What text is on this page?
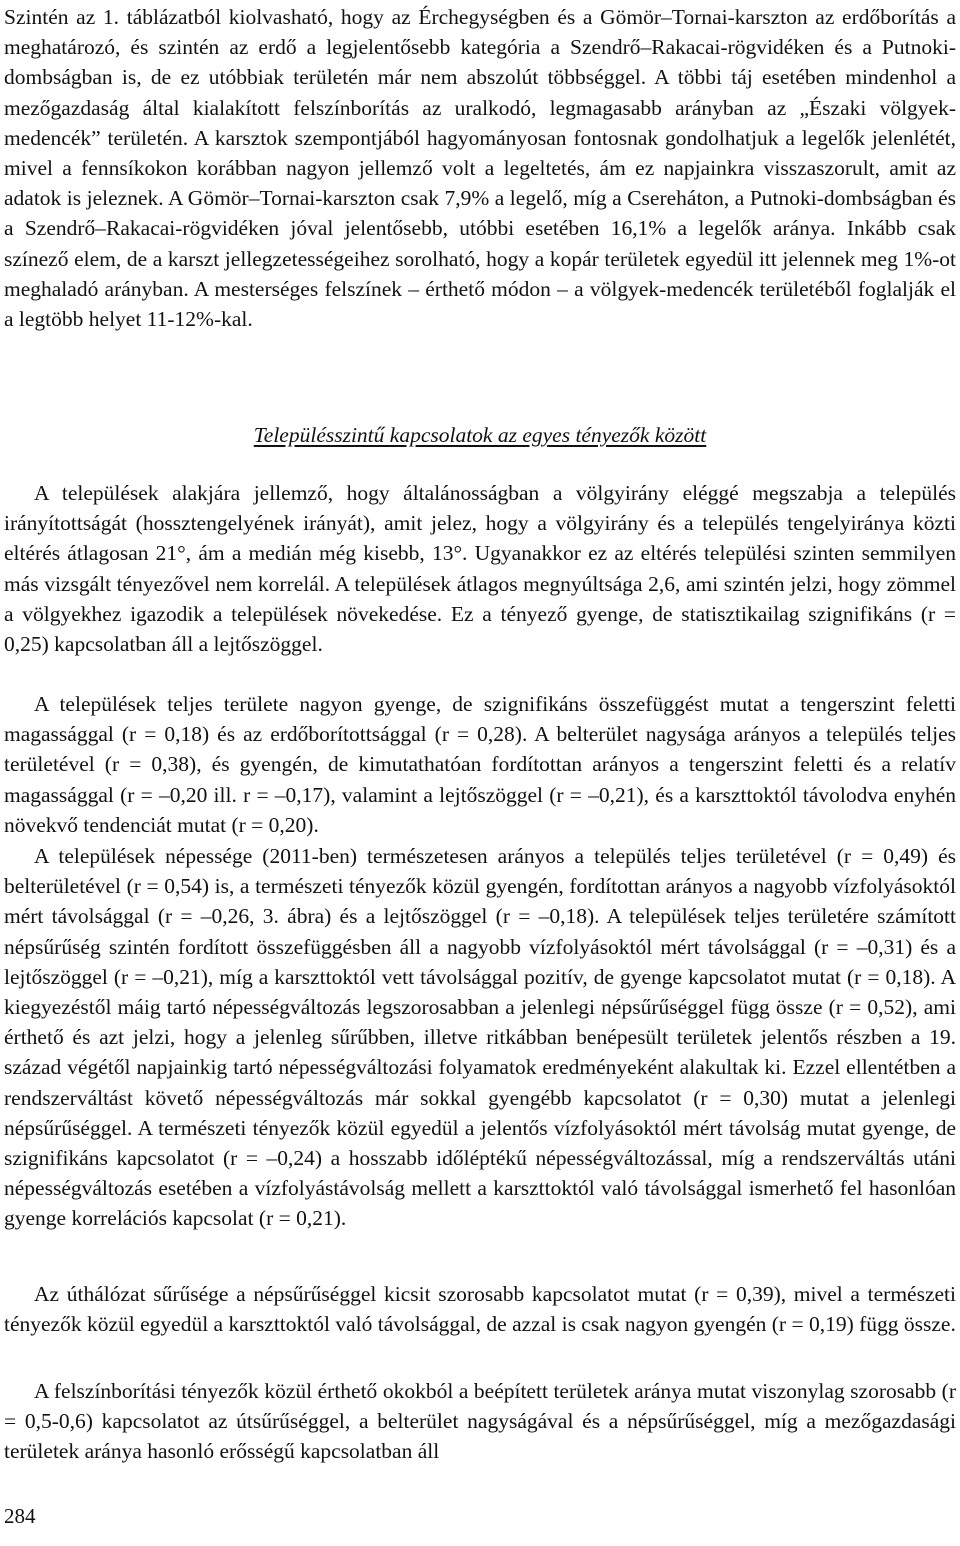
Szintén az 1. táblázatból kiolvasható, hogy az Érchegységben és a Gömör–Tornai-karszton az erdőborítás a meghatározó, és szintén az erdő a legjelentősebb kategória a Szendrő–Rakacai-rögvidéken és a Putnoki-dombságban is, de ez utóbbiak területén már nem abszolút többséggel. A többi táj esetében mindenhol a mezőgazdaság által kialakított felszínborítás az uralkodó, legmagasabb arányban az „Északi völgyek-medencék” területén. A karsztok szempontjából hagyományosan fontosnak gondolhatjuk a legelők jelenlétét, mivel a fennsíkokon korábban nagyon jellemző volt a legeltetés, ám ez napjainkra visszaszorult, amit az adatok is jeleznek. A Gömör–Tornai-karszton csak 7,9% a legelő, míg a Csereháton, a Putnoki-dombságban és a Szendrő–Rakacai-rögvidéken jóval jelentősebb, utóbbi esetében 16,1% a legelők aránya. Inkább csak színező elem, de a karszt jellegzetességeihez sorolható, hogy a kopár területek egyedül itt jelennek meg 1%-ot meghaladó arányban. A mesterséges felszínek – érthető módon – a völgyek-medencék területéből foglalják el a legtöbb helyet 11-12%-kal.

Településszintű kapcsolatok az egyes tényezők között

A települések alakjára jellemző, hogy általánosságban a völgyirány eléggé megszabja a település irányítottságát (hossztengelyének irányát), amit jelez, hogy a völgyirány és a település tengelyiránya közti eltérés átlagosan 21°, ám a medián még kisebb, 13°. Ugyanakkor ez az eltérés települési szinten semmilyen más vizsgált tényezővel nem korrelál. A települések átlagos megnyúltsága 2,6, ami szintén jelzi, hogy zömmel a völgyekhez igazodik a települések növekedése. Ez a tényező gyenge, de statisztikailag szignifikáns (r = 0,25) kapcsolatban áll a lejtőszöggel.

A települések teljes területe nagyon gyenge, de szignifikáns összefüggést mutat a tengerszint feletti magassággal (r = 0,18) és az erdőborítottsággal (r = 0,28). A belterület nagysága arányos a település teljes területével (r = 0,38), és gyengén, de kimutathatóan fordítottan arányos a tengerszint feletti és a relatív magassággal (r = –0,20 ill. r = –0,17), valamint a lejtőszöggel (r = –0,21), és a karszttoktól távolodva enyhén növekvő tendenciát mutat (r = 0,20).

A települések népessége (2011-ben) természetesen arányos a település teljes területével (r = 0,49) és belterületével (r = 0,54) is, a természeti tényezők közül gyengén, fordítottan arányos a nagyobb vízfolyásoktól mért távolsággal (r = –0,26, 3. ábra) és a lejtőszöggel (r = –0,18). A települések teljes területére számított népsűrűség szintén fordított összefüggésben áll a nagyobb vízfolyásoktól mért távolsággal (r = –0,31) és a lejtőszöggel (r = –0,21), míg a karszttoktól vett távolsággal pozitív, de gyenge kapcsolatot mutat (r = 0,18). A kiegyezéstől máig tartó népességváltozás legszorosabban a jelenlegi népsűrűséggel függ össze (r = 0,52), ami érthető és azt jelzi, hogy a jelenleg sűrűbben, illetve ritkábban benépesült területek jelentős részben a 19. század végétől napjainkig tartó népességváltozási folyamatok eredményeként alakultak ki. Ezzel ellentétben a rendszerváltást követő népességváltozás már sokkal gyengébb kapcsolatot (r = 0,30) mutat a jelenlegi népsűrűséggel. A természeti tényezők közül egyedül a jelentős vízfolyásoktól mért távolság mutat gyenge, de szignifikáns kapcsolatot (r = –0,24) a hosszabb időléptékű népességváltozással, míg a rendszerváltás utáni népességváltozás esetében a vízfolyástávolság mellett a karszttoktól való távolsággal ismerhető fel hasonlóan gyenge korrelációs kapcsolat (r = 0,21).

Az úthálózat sűrűsége a népsűrűséggel kicsit szorosabb kapcsolatot mutat (r = 0,39), mivel a természeti tényezők közül egyedül a karszttoktól való távolsággal, de azzal is csak nagyon gyengén (r = 0,19) függ össze.

A felszínborítási tényezők közül érthető okokból a beépített területek aránya mutat viszonylag szorosabb (r = 0,5-0,6) kapcsolatot az útsűrűséggel, a belterület nagyságával és a népsűrűséggel, míg a mezőgazdasági területek aránya hasonló erősségű kapcsolatban áll

284
